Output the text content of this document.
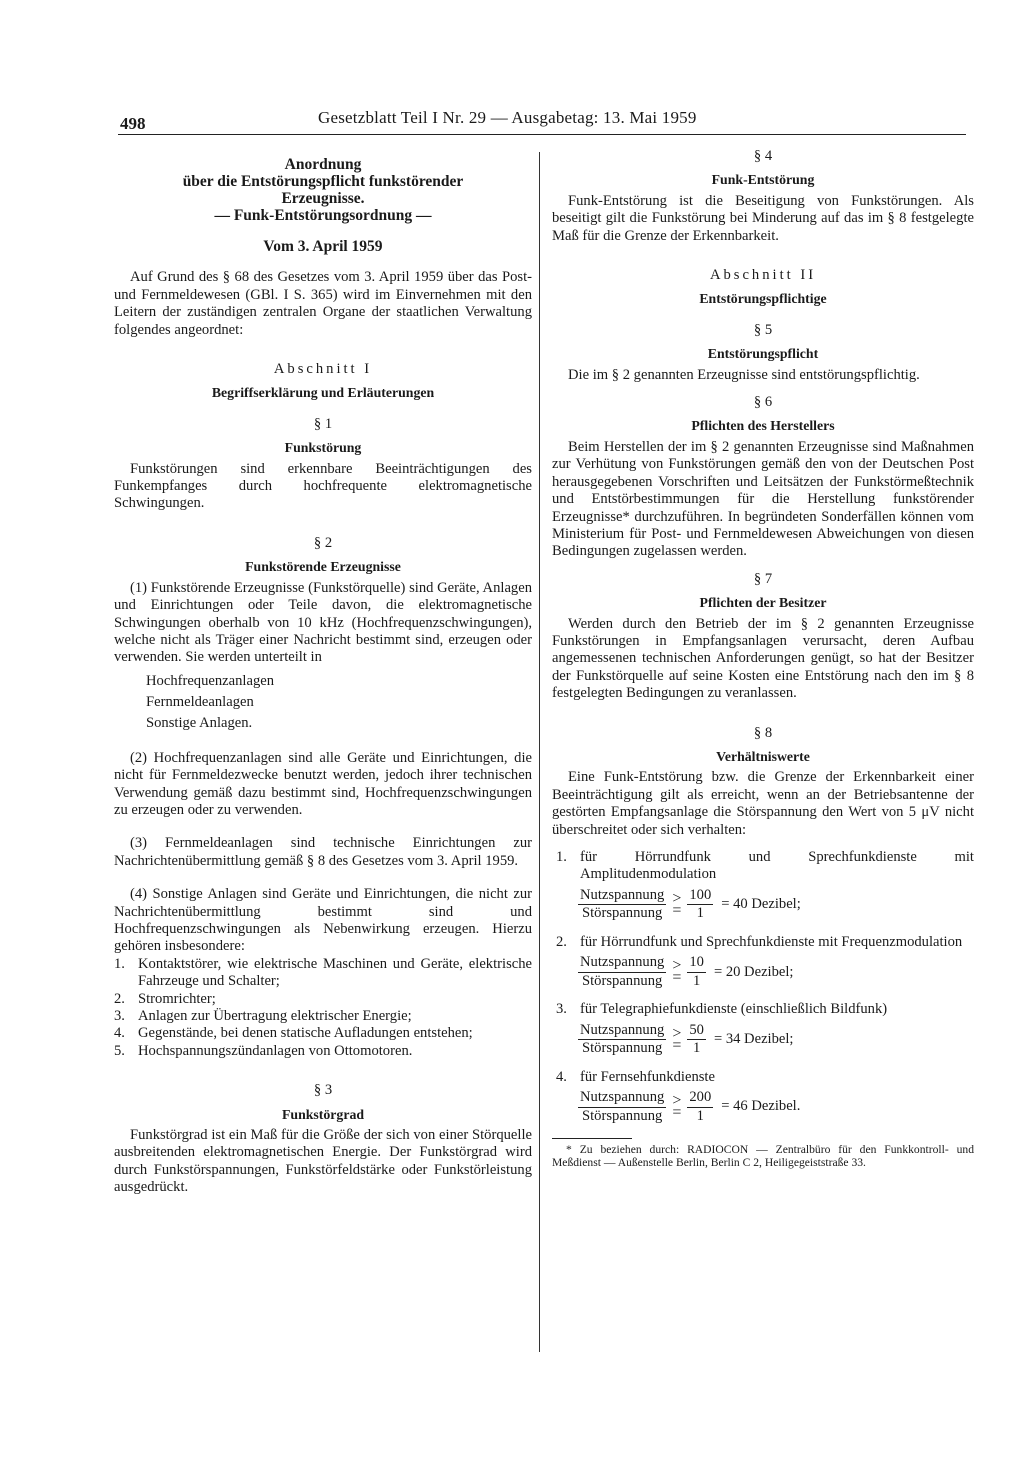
498	Gesetzblatt Teil I Nr. 29 — Ausgabetag: 13. Mai 1959

Anordnung

über die Entstörungspflicht funkstörender

Erzeugnisse.

— Funk-Entstörungsordnung —

Vom 3. April 1959

Auf Grund des § 68 des Gesetzes vom 3. April 1959 über das Post- und Fernmeldewesen (GBl. I S. 365) wird im Einvernehmen mit den Leitern der zuständigen zentralen Organe der staatlichen Verwaltung folgendes angeordnet:

Abschnitt I

Begriffserklärung und Erläuterungen

§ 1

Funkstörung

Funkstörungen sind erkennbare Beeinträchtigungen des Funkempfanges durch hochfrequente elektromagnetische Schwingungen.

§ 2

Funkstörende Erzeugnisse

(1) Funkstörende Erzeugnisse (Funkstörquelle) sind Geräte, Anlagen und Einrichtungen oder Teile davon, die elektromagnetische Schwingungen oberhalb von 10 kHz (Hochfrequenzschwingungen), welche nicht als Träger einer Nachricht bestimmt sind, erzeugen oder verwenden. Sie werden unterteilt in

Hochfrequenzanlagen
Fernmeldeanlagen
Sonstige Anlagen.

(2) Hochfrequenzanlagen sind alle Geräte und Einrichtungen, die nicht für Fernmeldezwecke benutzt werden, jedoch ihrer technischen Verwendung gemäß dazu bestimmt sind, Hochfrequenzschwingungen zu erzeugen oder zu verwenden.

(3) Fernmeldeanlagen sind technische Einrichtungen zur Nachrichtenübermittlung gemäß § 8 des Gesetzes vom 3. April 1959.

(4) Sonstige Anlagen sind Geräte und Einrichtungen, die nicht zur Nachrichtenübermittlung bestimmt sind und Hochfrequenzschwingungen als Nebenwirkung erzeugen. Hierzu gehören insbesondere:

1. Kontaktstörer, wie elektrische Maschinen und Geräte, elektrische Fahrzeuge und Schalter;
2. Stromrichter;
3. Anlagen zur Übertragung elektrischer Energie;
4. Gegenstände, bei denen statische Aufladungen entstehen;
5. Hochspannungszündanlagen von Ottomotoren.

§ 3

Funkstörgrad

Funkstörgrad ist ein Maß für die Größe der sich von einer Störquelle ausbreitenden elektromagnetischen Energie. Der Funkstörgrad wird durch Funkstörspannungen, Funkstörfeldstärke oder Funkstörleistung ausgedrückt.

§ 4

Funk-Entstörung

Funk-Entstörung ist die Beseitigung von Funkstörungen. Als beseitigt gilt die Funkstörung bei Minderung auf das im § 8 festgelegte Maß für die Grenze der Erkennbarkeit.

Abschnitt II

Entstörungspflichtige

§ 5

Entstörungspflicht

Die im § 2 genannten Erzeugnisse sind entstörungspflichtig.

§ 6

Pflichten des Herstellers

Beim Herstellen der im § 2 genannten Erzeugnisse sind Maßnahmen zur Verhütung von Funkstörungen gemäß den von der Deutschen Post herausgegebenen Vorschriften und Leitsätzen der Funkstörmeßtechnik und Entstörbestimmungen für die Herstellung funkstörender Erzeugnisse* durchzuführen. In begründeten Sonderfällen können vom Ministerium für Post- und Fernmeldewesen Abweichungen von diesen Bedingungen zugelassen werden.

§ 7

Pflichten der Besitzer

Werden durch den Betrieb der im § 2 genannten Erzeugnisse Funkstörungen in Empfangsanlagen verursacht, deren Aufbau angemessenen technischen Anforderungen genügt, so hat der Besitzer der Funkstörquelle auf seine Kosten eine Entstörung nach den im § 8 festgelegten Bedingungen zu veranlassen.

§ 8

Verhältniswerte

Eine Funk-Entstörung bzw. die Grenze der Erkennbarkeit einer Beeinträchtigung gilt als erreicht, wenn an der Betriebsantenne der gestörten Empfangsanlage die Störspannung den Wert von 5 μV nicht überschreitet oder sich verhalten:

1. für Hörrundfunk und Sprechfunkdienste mit Amplitudenmodulation
$\frac{\text{Nutzspannung}}{\text{Störspannung}}$ >
= $\frac{100}{1} = 40$ Dezibel;
2. für Hörrundfunk und Sprechfunkdienste mit Frequenzmodulation
$\frac{\text{Nutzspannung}}{\text{Störspannung}}$ >
= $\frac{10}{1} = 20$ Dezibel;
3. für Telegraphiefunkdienste (einschließlich Bildfunk)
$\frac{\text{Nutzspannung}}{\text{Störspannung}}$ >
= $\frac{50}{1} = 34$ Dezibel;
4. für Fernsehfunkdienste
$\frac{\text{Nutzspannung}}{\text{Störspannung}}$ >
= $\frac{200}{1} = 46$ Dezibel.
* Zu beziehen durch: RADIOCON — Zentralbüro für den Funkkontroll- und Meßdienst — Außenstelle Berlin, Berlin C 2, Heiligegeiststraße 33.
